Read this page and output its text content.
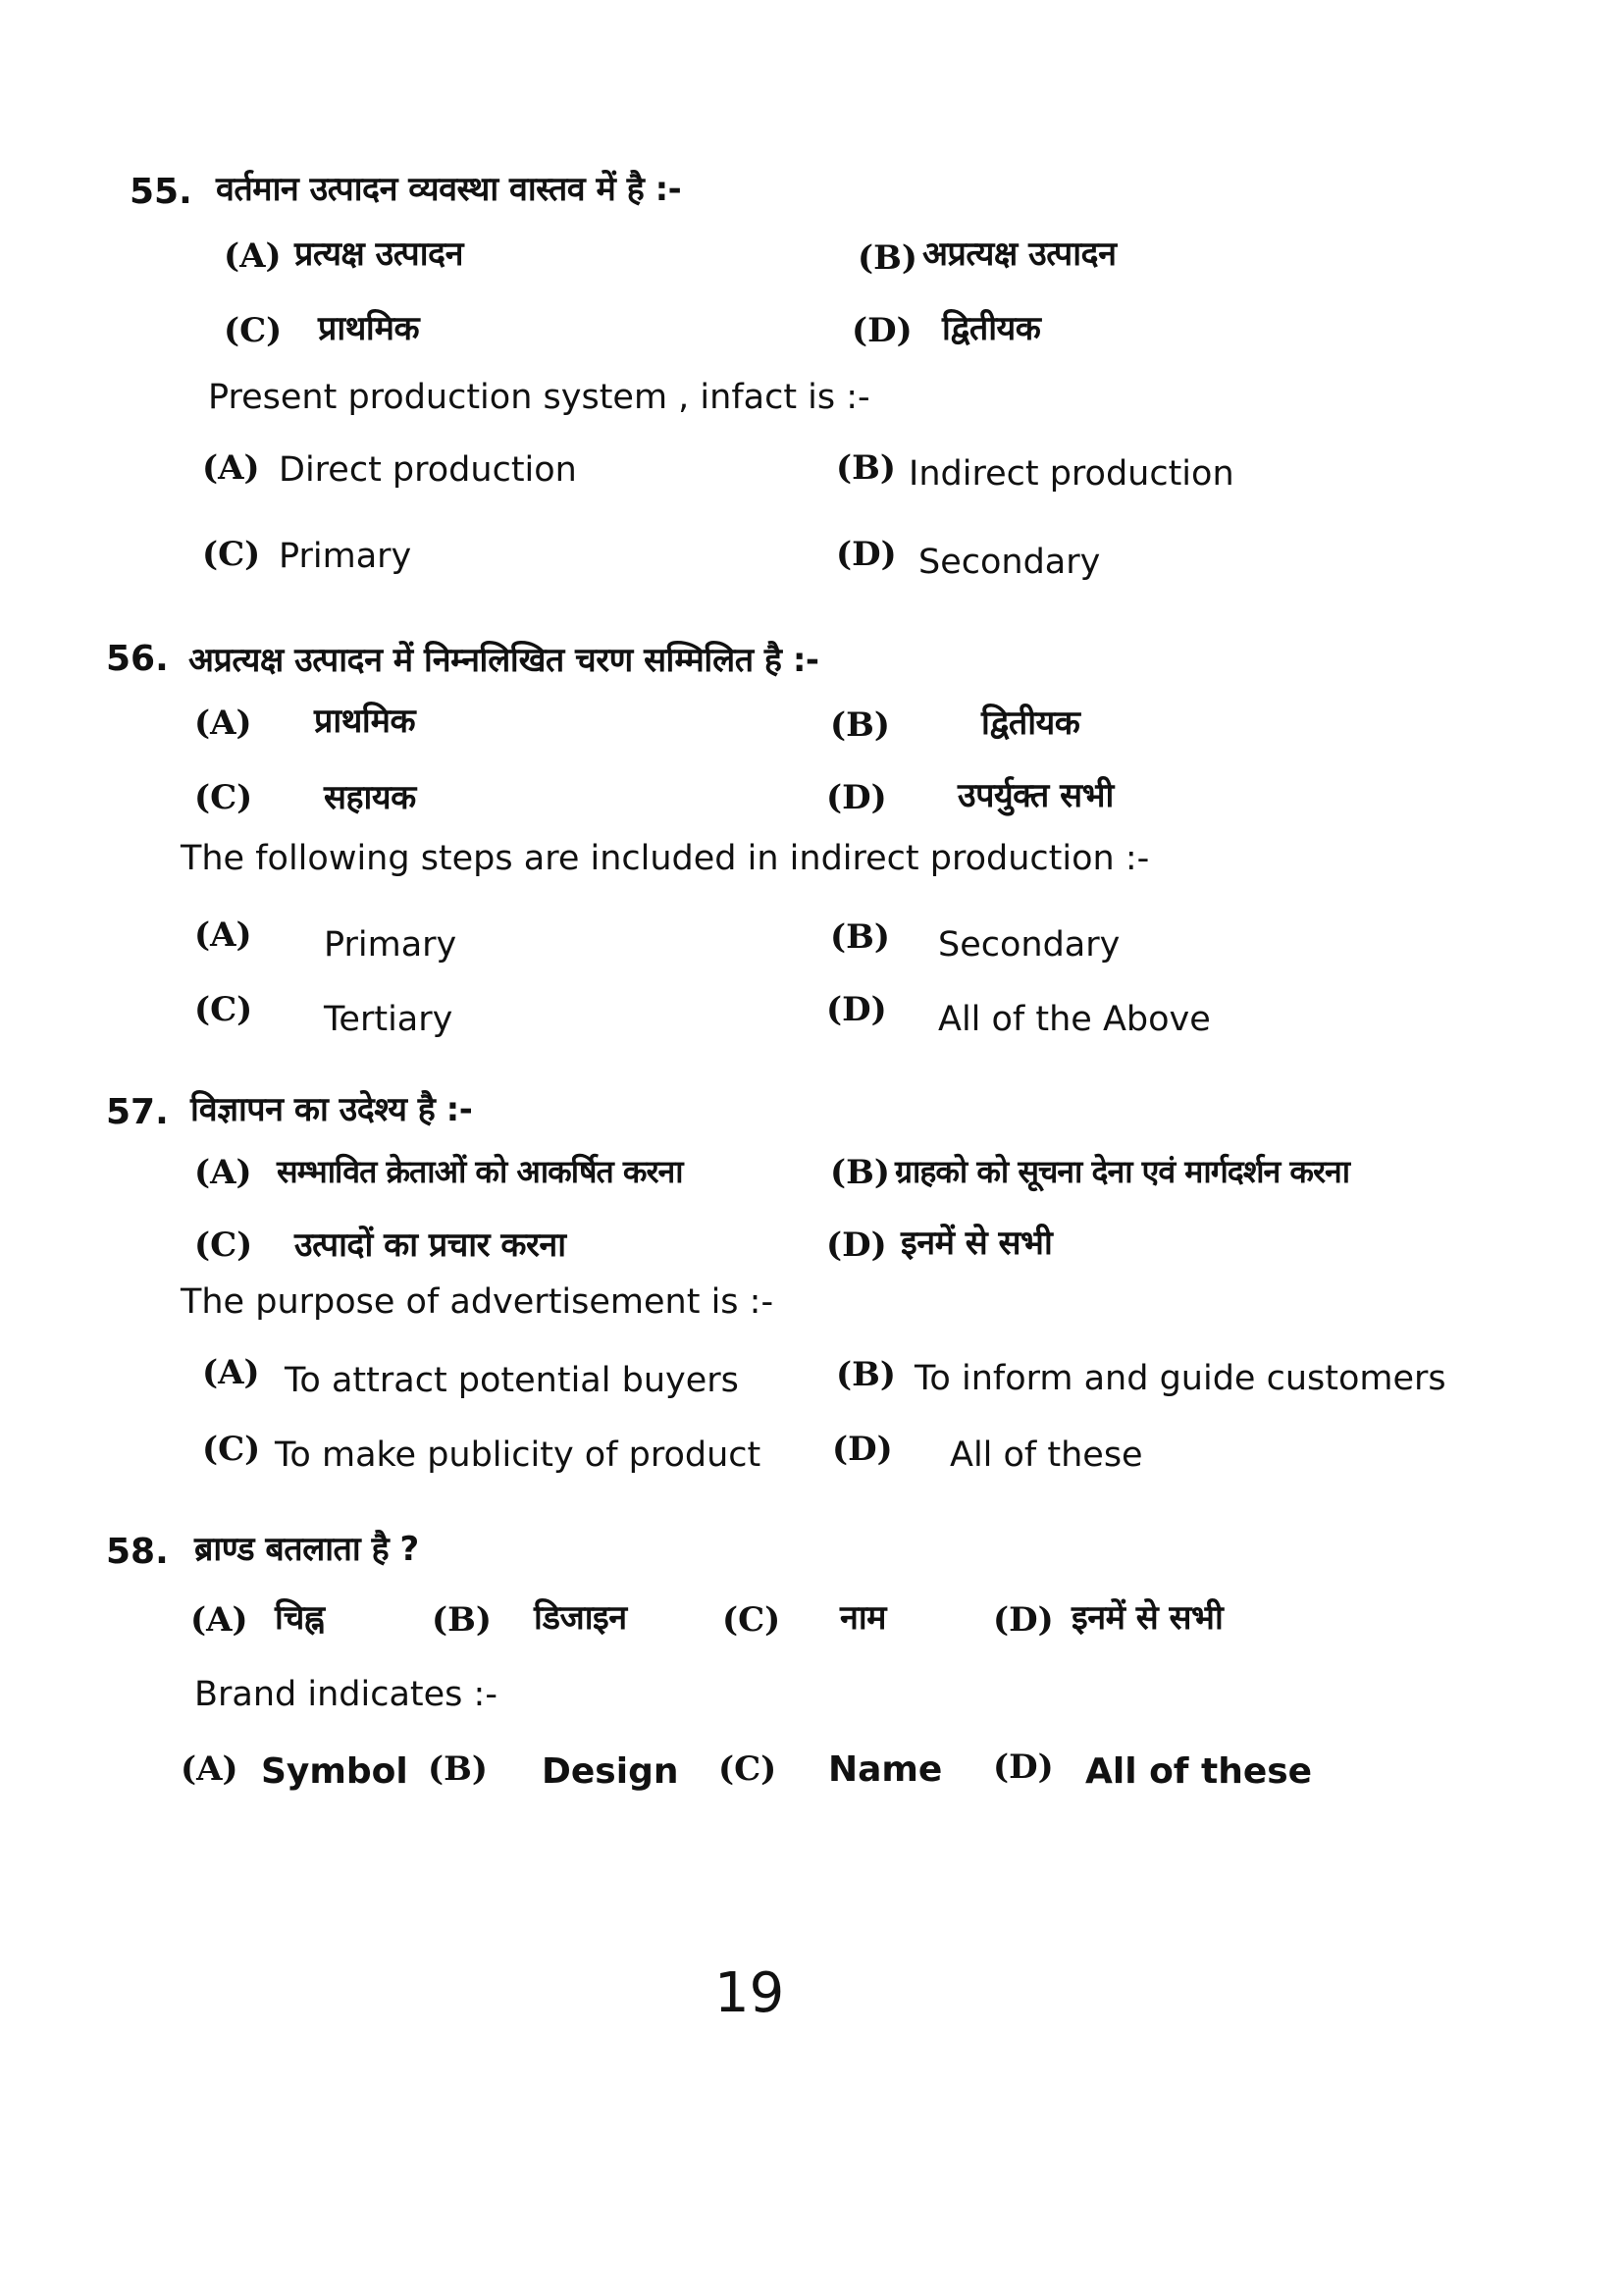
55. वर्तमान उत्पादन व्यवस्था वास्तव में है :-
(A) प्रत्यक्ष उत्पादन	(B) अप्रत्यक्ष उत्पादन
(C) प्राथमिक	(D) द्वितीयक
Present production system , infact is :-
(A) Direct production	(B) Indirect production
(C) Primary	(D) Secondary
56. अप्रत्यक्ष उत्पादन में निम्नलिखित चरण सम्मिलित है :-
(A) प्राथमिक	(B)	द्वितीयक
(C) सहायक	(D) उपर्युक्त सभी
The following steps are included in indirect production :-
(A) Primary	(B) Secondary
(C) Tertiary	(D) All of the Above
57. विज्ञापन का उदेश्य है :-
(A) सम्भावित क्रेताओं को आकर्षित करना	(B) ग्राहको को सूचना देना एवं मार्गदर्शन करना
(C) उत्पादों का प्रचार करना	(D) इनमें से सभी
The purpose of advertisement is :-
(A) To attract potential buyers	(B) To inform and guide customers
(C) To make publicity of product (D) All of these
58. ब्राण्ड बतलाता है ?
(A) चिह्न	(B) डिजाइन	(C) नाम	(D) इनमें से सभी
Brand indicates :-
(A) Symbol (B) Design (C) Name (D) All of these
19
